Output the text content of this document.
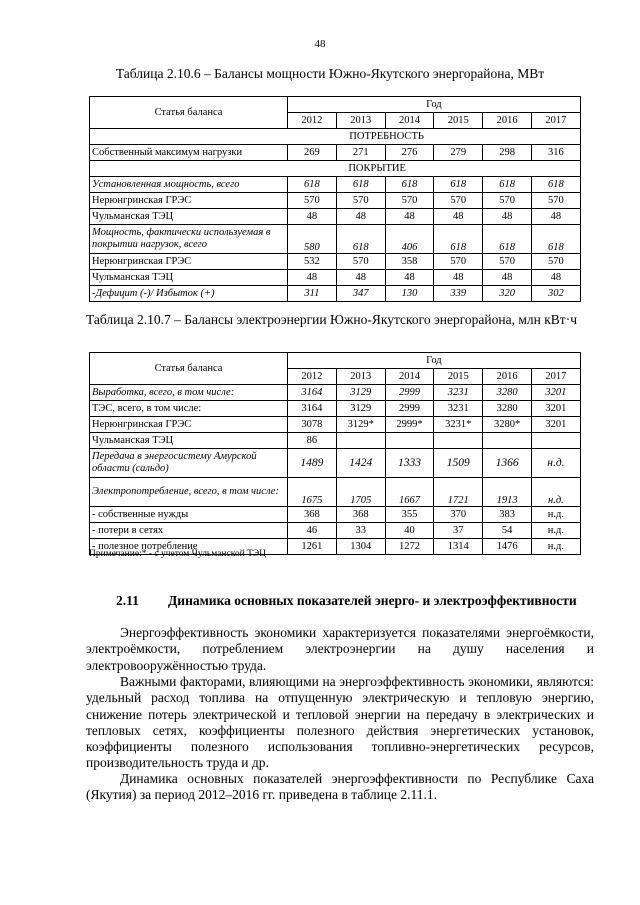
48
Таблица 2.10.6 – Балансы мощности Южно-Якутского энергорайона, МВт
Статья баланса	Год					
	2012	2013	2014	2015	2016	2017
ПОТРЕБНОСТЬ						
Собственный максимум нагрузки	269	271	276	279	298	316
ПОКРЫТИЕ						
Установленная мощность, всего	618	618	618	618	618	618
Нерюнгринская ГРЭС	570	570	570	570	570	570
Чульманская ТЭЦ	48	48	48	48	48	48
Мощность, фактически используемая в покрытии нагрузок, всего	580	618	406	618	618	618
Нерюнгринская ГРЭС	532	570	358	570	570	570
Чульманская ТЭЦ	48	48	48	48	48	48
-Дефицит (-)/ Избыток (+)	311	347	130	339	320	302
Таблица 2.10.7 – Балансы электроэнергии Южно-Якутского энергорайона, млн кВт·ч
Статья баланса	Год					
	2012	2013	2014	2015	2016	2017
Выработка, всего, в том числе:	3164	3129	2999	3231	3280	3201
ТЭС, всего, в том числе:	3164	3129	2999	3231	3280	3201
Нерюнгринская ГРЭС	3078	3129*	2999*	3231*	3280*	3201
Чульманская ТЭЦ	86					
Передача в энергосистему Амурской области (сальдо)	1489	1424	1333	1509	1366	н.д.
Электропотребление, всего, в том числе:	1675	1705	1667	1721	1913	н.д.
- собственные нужды	368	368	355	370	383	н.д.
- потери в сетях	46	33	40	37	54	н.д.
- полезное потребление	1261	1304	1272	1314	1476	н.д.
Примечание:* - с учетом Чульманской ТЭЦ
2.11 Динамика основных показателей энерго- и электроэффективности

Энергоэффективность экономики характеризуется показателями энергоёмкости, электроёмкости, потреблением электроэнергии на душу населения и электровооружённостью труда.

Важными факторами, влияющими на энергоэффективность экономики, являются: удельный расход топлива на отпущенную электрическую и тепловую энергию, снижение потерь электрической и тепловой энергии на передачу в электрических и тепловых сетях, коэффициенты полезного действия энергетических установок, коэффициенты полезного использования топливно-энергетических ресурсов, производительность труда и др.

Динамика основных показателей энергоэффективности по Республике Саха (Якутия) за период 2012–2016 гг. приведена в таблице 2.11.1.
